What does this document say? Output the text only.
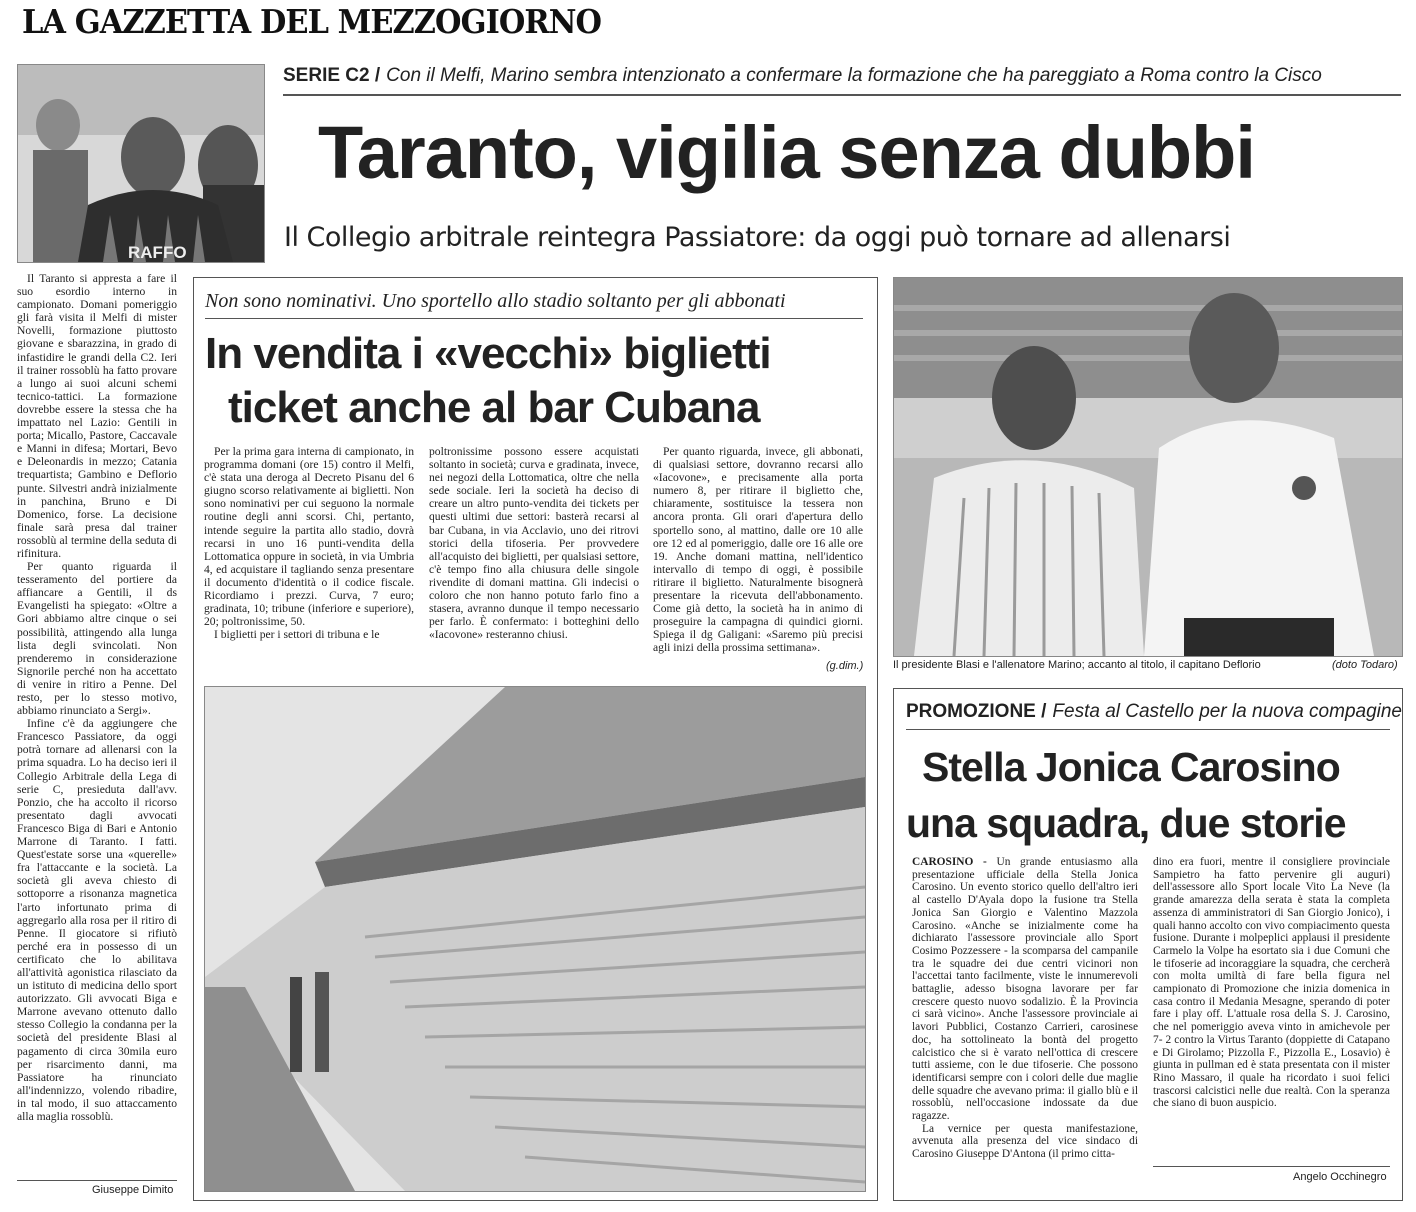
LA GAZZETTA DEL MEZZOGIORNO
RAFFO
SERIE C2 / Con il Melfi, Marino sembra intenzionato a confermare la formazione che ha pareggiato a Roma contro la Cisco
Taranto, vigilia senza dubbi
Il Collegio arbitrale reintegra Passiatore: da oggi può tornare ad allenarsi

Il Taranto si appresta a fare il suo esordio interno in campionato. Domani pomeriggio gli farà visita il Melfi di mister Novelli, formazione piuttosto giovane e sbarazzina, in grado di infastidire le grandi della C2. Ieri il trainer rossoblù ha fatto provare a lungo ai suoi alcuni schemi tecnico-tattici. La formazione dovrebbe essere la stessa che ha impattato nel Lazio: Gentili in porta; Micallo, Pastore, Caccavale e Manni in difesa; Mortari, Bevo e Deleonardis in mezzo; Catania trequartista; Gambino e Deflorio punte. Silvestri andrà inizialmente in panchina, Bruno e Di Domenico, forse. La decisione finale sarà presa dal trainer rossoblù al termine della seduta di rifinitura.

Per quanto riguarda il tesseramento del portiere da affiancare a Gentili, il ds Evangelisti ha spiegato: «Oltre a Gori abbiamo altre cinque o sei possibilità, attingendo alla lunga lista degli svincolati. Non prenderemo in considerazione Signorile perché non ha accettato di venire in ritiro a Penne. Del resto, per lo stesso motivo, abbiamo rinunciato a Sergi».

Infine c'è da aggiungere che Francesco Passiatore, da oggi potrà tornare ad allenarsi con la prima squadra. Lo ha deciso ieri il Collegio Arbitrale della Lega di serie C, presieduta dall'avv. Ponzio, che ha accolto il ricorso presentato dagli avvocati Francesco Biga di Bari e Antonio Marrone di Taranto. I fatti. Quest'estate sorse una «querelle» fra l'attaccante e la società. La società gli aveva chiesto di sottoporre a risonanza magnetica l'arto infortunato prima di aggregarlo alla rosa per il ritiro di Penne. Il giocatore si rifiutò perché era in possesso di un certificato che lo abilitava all'attività agonistica rilasciato da un istituto di medicina dello sport autorizzato. Gli avvocati Biga e Marrone avevano ottenuto dallo stesso Collegio la condanna per la società del presidente Blasi al pagamento di circa 30mila euro per risarcimento danni, ma Passiatore ha rinunciato all'indennizzo, volendo ribadire, in tal modo, il suo attaccamento alla maglia rossoblù.

Giuseppe Dimito
Non sono nominativi. Uno sportello allo stadio soltanto per gli abbonati
In vendita i «vecchi» biglietti
ticket anche al bar Cubana

Per la prima gara interna di campionato, in programma domani (ore 15) contro il Melfi, c'è stata una deroga al Decreto Pisanu del 6 giugno scorso relativamente ai biglietti. Non sono nominativi per cui seguono la normale routine degli anni scorsi. Chi, pertanto, intende seguire la partita allo stadio, dovrà recarsi in uno 16 punti-vendita della Lottomatica oppure in società, in via Umbria 4, ed acquistare il tagliando senza presentare il documento d'identità o il codice fiscale. Ricordiamo i prezzi. Curva, 7 euro; gradinata, 10; tribune (inferiore e superiore), 20; poltronissime, 50.

I biglietti per i settori di tribuna e le

poltronissime possono essere acquistati soltanto in società; curva e gradinata, invece, nei negozi della Lottomatica, oltre che nella sede sociale. Ieri la società ha deciso di creare un altro punto-vendita dei tickets per questi ultimi due settori: basterà recarsi al bar Cubana, in via Acclavio, uno dei ritrovi storici della tifoseria. Per provvedere all'acquisto dei biglietti, per qualsiasi settore, c'è tempo fino alla chiusura delle singole rivendite di domani mattina. Gli indecisi o coloro che non hanno potuto farlo fino a stasera, avranno dunque il tempo necessario per farlo. È confermato: i botteghini dello «Iacovone» resteranno chiusi.

Per quanto riguarda, invece, gli abbonati, di qualsiasi settore, dovranno recarsi allo «Iacovone», e precisamente alla porta numero 8, per ritirare il biglietto che, chiaramente, sostituisce la tessera non ancora pronta. Gli orari d'apertura dello sportello sono, al mattino, dalle ore 10 alle ore 12 ed al pomeriggio, dalle ore 16 alle ore 19. Anche domani mattina, nell'identico intervallo di tempo di oggi, è possibile ritirare il biglietto. Naturalmente bisognerà presentare la ricevuta dell'abbonamento. Come già detto, la società ha in animo di proseguire la campagna di quindici giorni. Spiega il dg Galigani: «Saremo più precisi agli inizi della prossima settimana».

(g.dim.)	Il presidente Blasi e l'allenatore Marino; accanto al titolo, il capitano Deflorio	(doto Todaro)
PROMOZIONE / Festa al Castello per la nuova compagine
Stella Jonica Carosino
una squadra, due storie

CAROSINO - Un grande entusiasmo alla presentazione ufficiale della Stella Jonica Carosino. Un evento storico quello dell'altro ieri al castello D'Ayala dopo la fusione tra Stella Jonica San Giorgio e Valentino Mazzola Carosino. «Anche se inizialmente come ha dichiarato l'assessore provinciale allo Sport Cosimo Pozzessere - la scomparsa del campanile tra le squadre dei due centri vicinori non l'accettai tanto facilmente, viste le innumerevoli battaglie, adesso bisogna lavorare per far crescere questo nuovo sodalizio. È la Provincia ci sarà vicino». Anche l'assessore provinciale ai lavori Pubblici, Costanzo Carrieri, carosinese doc, ha sottolineato la bontà del progetto calcistico che si è varato nell'ottica di crescere tutti assieme, con le due tifoserie. Che possono identificarsi sempre con i colori delle due maglie delle squadre che avevano prima: il giallo blù e il rossoblù, nell'occasione indossate da due ragazze.

La vernice per questa manifestazione, avvenuta alla presenza del vice sindaco di Carosino Giuseppe D'Antona (il primo citta-

dino era fuori, mentre il consigliere provinciale Sampietro ha fatto pervenire gli auguri) dell'assessore allo Sport locale Vito La Neve (la grande amarezza della serata è stata la completa assenza di amministratori di San Giorgio Jonico), i quali hanno accolto con vivo compiacimento questa fusione. Durante i molpeplici applausi il presidente Carmelo la Volpe ha esortato sia i due Comuni che le tifoserie ad incoraggiare la squadra, che cercherà con molta umiltà di fare bella figura nel campionato di Promozione che inizia domenica in casa contro il Medania Mesagne, sperando di poter fare i play off. L'attuale rosa della S. J. Carosino, che nel pomeriggio aveva vinto in amichevole per 7- 2 contro la Virtus Taranto (doppiette di Catapano e Di Girolamo; Pizzolla F., Pizzolla E., Losavio) è giunta in pullman ed è stata presentata con il mister Rino Massaro, il quale ha ricordato i suoi felici trascorsi calcistici nelle due realtà. Con la speranza che siano di buon auspicio.

Angelo Occhinegro
